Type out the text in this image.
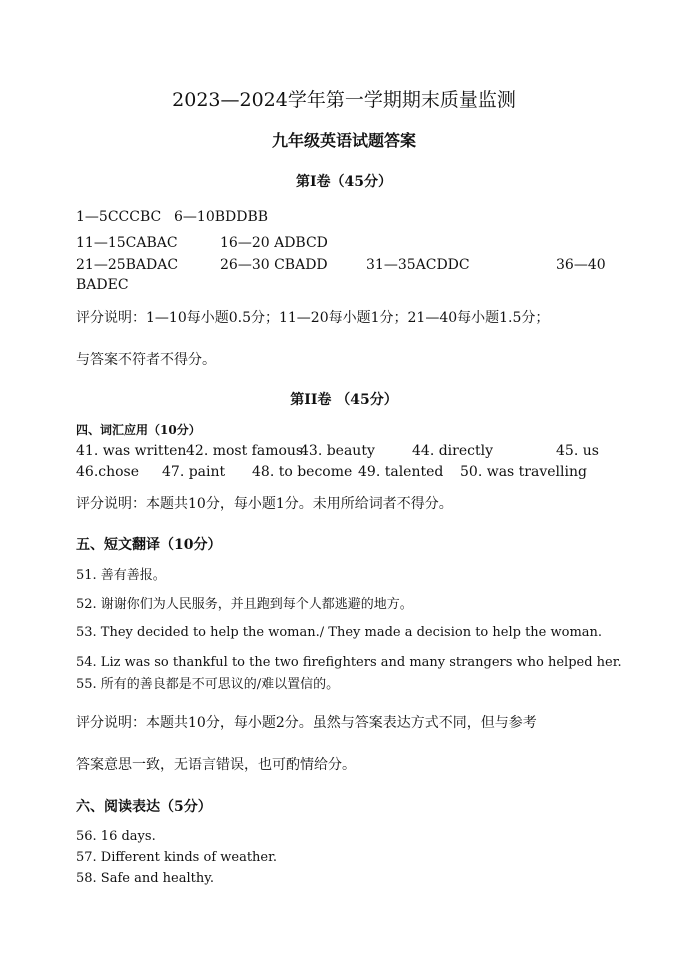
2023—2024学年第一学期期末质量监测
九年级英语试题答案
第I卷（45分）
1—5CCCBC 6—10BDDBB
11—15CABAC	16—20 ADBCD
21—25BADAC	26—30 CBADD	31—35ACDDC	36—40
BADEC
评分说明：1—10每小题0.5分；11—20每小题1分；21—40每小题1.5分；
与答案不符者不得分。
第II卷 （45分）
四、词汇应用（10分）
41. was written 42. most famous
43. beauty	44. directly	45. us
46.chose 47. paint 48. to become 49. talented 50. was travelling
评分说明：本题共10分，每小题1分。未用所给词者不得分。
五、短文翻译（10分）
51. 善有善报。
52. 谢谢你们为人民服务，并且跑到每个人都逃避的地方。
53. They decided to help the woman./ They made a decision to help the woman.
54. Liz was so thankful to the two firefighters and many strangers who helped her.
55. 所有的善良都是不可思议的/难以置信的。
评分说明：本题共10分，每小题2分。虽然与答案表达方式不同，但与参考
答案意思一致，无语言错误，也可酌情给分。
六、阅读表达（5分）
56. 16 days.
57. Different kinds of weather.
58. Safe and healthy.
